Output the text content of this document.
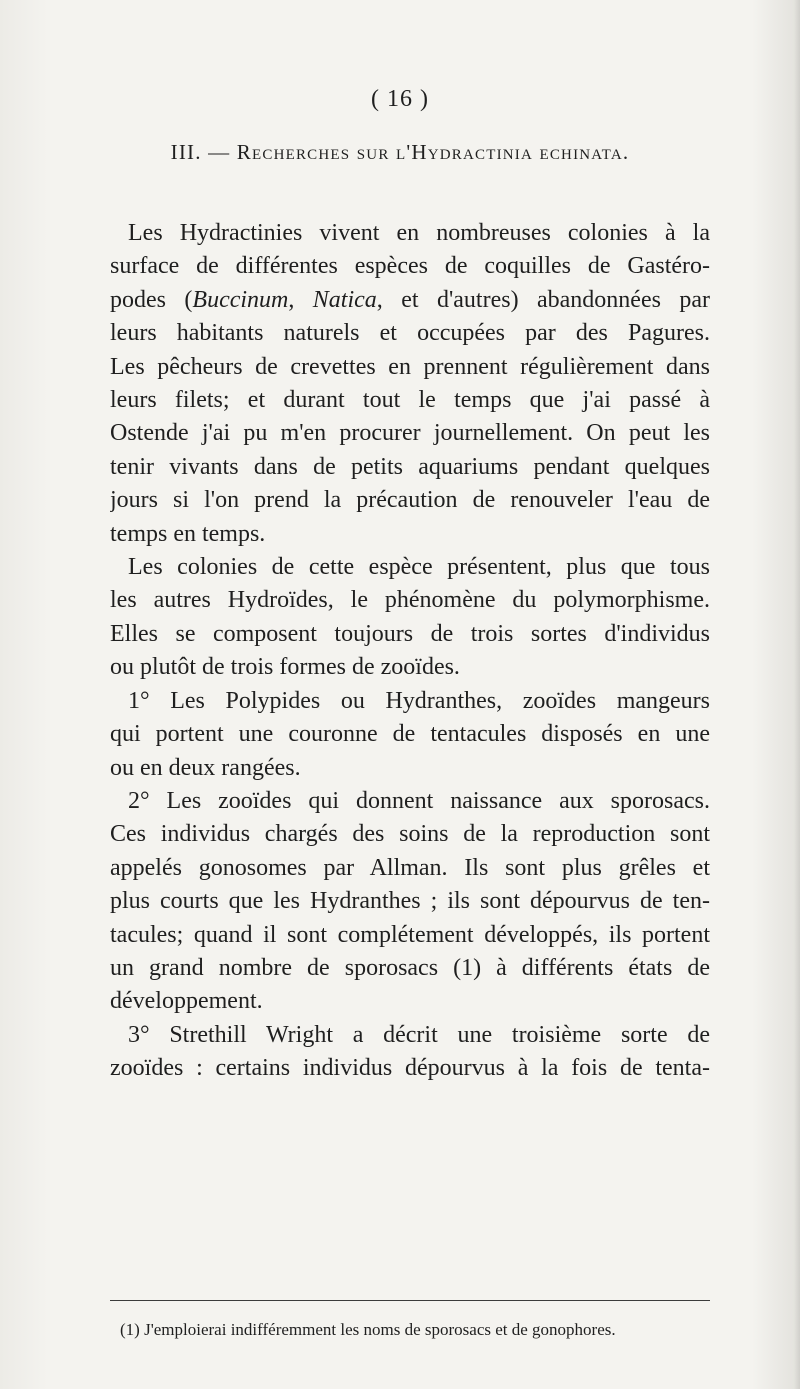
( 16 )
III. — Recherches sur l'Hydractinia echinata.
Les Hydractinies vivent en nombreuses colonies à la
surface de différentes espèces de coquilles de Gastéro-
podes (Buccinum, Natica, et d'autres) abandonnées par
leurs habitants naturels et occupées par des Pagures.
Les pêcheurs de crevettes en prennent régulièrement dans
leurs filets; et durant tout le temps que j'ai passé à
Ostende j'ai pu m'en procurer journellement. On peut les
tenir vivants dans de petits aquariums pendant quelques
jours si l'on prend la précaution de renouveler l'eau de
temps en temps.
Les colonies de cette espèce présentent, plus que tous
les autres Hydroïdes, le phénomène du polymorphisme.
Elles se composent toujours de trois sortes d'individus
ou plutôt de trois formes de zooïdes.
1° Les Polypides ou Hydranthes, zooïdes mangeurs
qui portent une couronne de tentacules disposés en une
ou en deux rangées.
2° Les zooïdes qui donnent naissance aux sporosacs.
Ces individus chargés des soins de la reproduction sont
appelés gonosomes par Allman. Ils sont plus grêles et
plus courts que les Hydranthes ; ils sont dépourvus de ten-
tacules; quand il sont complétement développés, ils portent
un grand nombre de sporosacs (1) à différents états de
développement.
3° Strethill Wright a décrit une troisième sorte de
zooïdes : certains individus dépourvus à la fois de tenta-
(1) J'emploierai indifféremment les noms de sporosacs et de gonophores.
